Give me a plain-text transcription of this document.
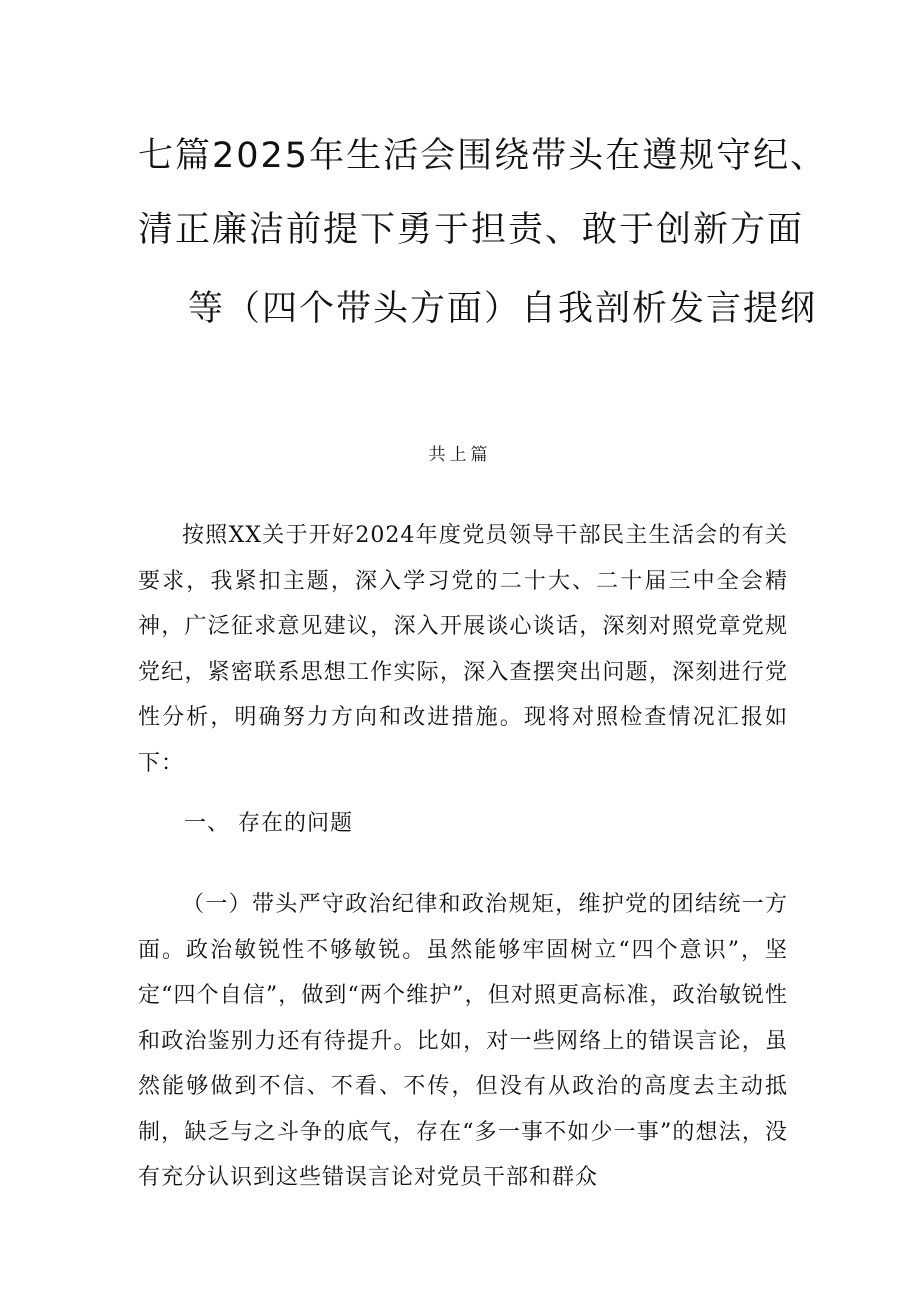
七篇2025年生活会围绕带头在遵规守纪、
清正廉洁前提下勇于担责、敢于创新方面
等（四个带头方面）自我剖析发言提纲
共上篇

按照XX关于开好2024年度党员领导干部民主生活会的有关要求，我紧扣主题，深入学习党的二十大、二十届三中全会精神，广泛征求意见建议，深入开展谈心谈话，深刻对照党章党规党纪，紧密联系思想工作实际，深入查摆突出问题，深刻进行党性分析，明确努力方向和改进措施。现将对照检查情况汇报如下：

一、 存在的问题

（一）带头严守政治纪律和政治规矩，维护党的团结统一方面。政治敏锐性不够敏锐。虽然能够牢固树立“四个意识”，坚定“四个自信”，做到“两个维护”，但对照更高标准，政治敏锐性和政治鉴别力还有待提升。比如，对一些网络上的错误言论，虽然能够做到不信、不看、不传，但没有从政治的高度去主动抵制，缺乏与之斗争的底气，存在“多一事不如少一事”的想法，没有充分认识到这些错误言论对党员干部和群众
